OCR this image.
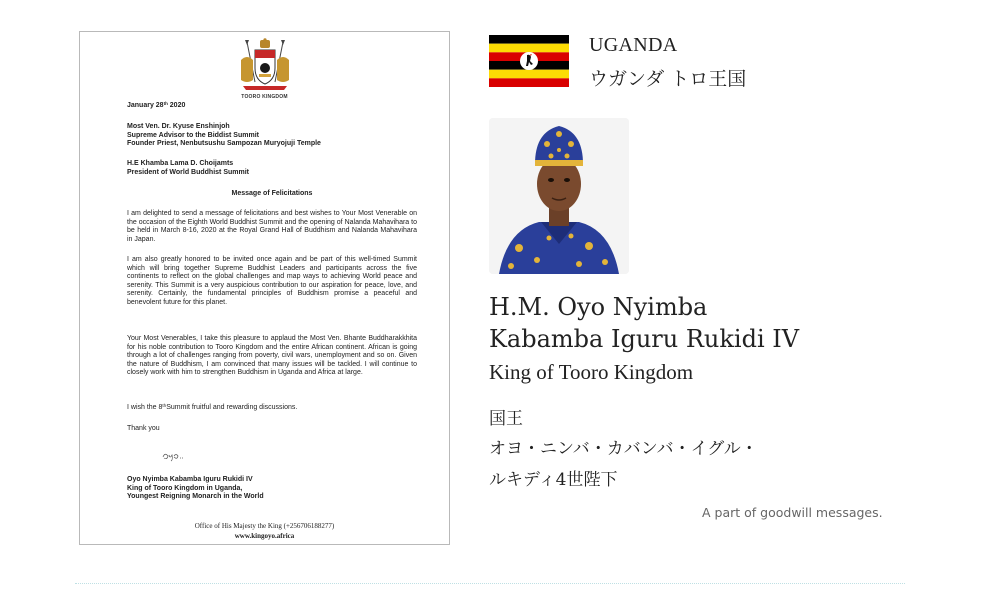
TOORO KINGDOM
January 28th 2020
Most Ven. Dr. Kyuse Enshinjoh
Supreme Advisor to the Biddist Summit
Founder Priest, Nenbutsushu Sampozan Muryojuji Temple
H.E Khamba Lama D. Choijamts
President of World Buddhist Summit
Message of Felicitations
I am delighted to send a message of felicitations and best wishes to Your Most Venerable on the occasion of the Eighth World Buddhist Summit and the opening of Nalanda Mahavihara to be held in March 8-16, 2020 at the Royal Grand Hall of Buddhism and Nalanda Mahavihara in Japan.
I am also greatly honored to be invited once again and be part of this well-timed Summit which will bring together Supreme Buddhist Leaders and participants across the five continents to reflect on the global challenges and map ways to achieving World peace and serenity. This Summit is a very auspicious contribution to our aspiration for peace, love, and serenity. Certainly, the fundamental principles of Buddhism promise a peaceful and benevolent future for this planet.
Your Most Venerables, I take this pleasure to applaud the Most Ven. Bhante Buddharakkhita for his noble contribution to Tooro Kingdom and the entire African continent. African is going through a lot of challenges ranging from poverty, civil wars, unemployment and so on. Given the nature of Buddhism, I am convinced that many issues will be tackled. I will continue to closely work with him to strengthen Buddhism in Uganda and Africa at large.
I wish the 8thSummit fruitful and rewarding discussions.
Thank you
Oyo Nyimba Kabamba Iguru Rukidi IV
King of Tooro Kingdom in Uganda,
Youngest Reigning Monarch in the World
Office of His Majesty the King (+256706188277)
www.kingoyo.africa
UGANDA
ウガンダ トロ王国
H.M. Oyo Nyimba
Kabamba Iguru Rukidi IV
King of Tooro Kingdom
国王
オヨ・ニンバ・カバンバ・イグル・
ルキディ4世陛下
A part of goodwill messages.
